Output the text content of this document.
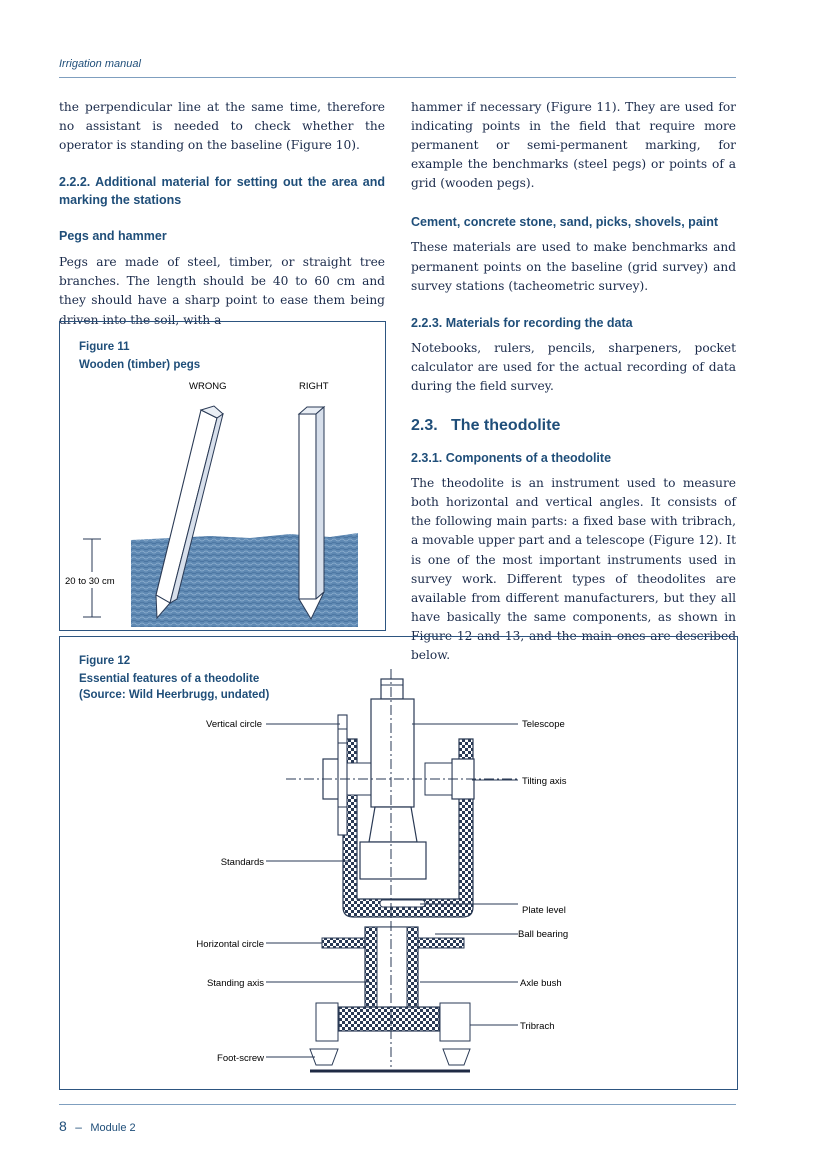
Irrigation manual

the perpendicular line at the same time, therefore no assistant is needed to check whether the operator is standing on the baseline (Figure 10).

2.2.2. Additional material for setting out the area and marking the stations
Pegs and hammer

Pegs are made of steel, timber, or straight tree branches. The length should be 40 to 60 cm and they should have a sharp point to ease them being driven into the soil, with a

hammer if necessary (Figure 11). They are used for indicating points in the field that require more permanent or semi-permanent marking, for example the benchmarks (steel pegs) or points of a grid (wooden pegs).

Cement, concrete stone, sand, picks, shovels, paint

These materials are used to make benchmarks and permanent points on the baseline (grid survey) and survey stations (tacheometric survey).

2.2.3. Materials for recording the data

Notebooks, rulers, pencils, sharpeners, pocket calculator are used for the actual recording of data during the field survey.

2.3.   The theodolite
2.3.1. Components of a theodolite

The theodolite is an instrument used to measure both horizontal and vertical angles. It consists of the following main parts: a fixed base with tribrach, a movable upper part and a telescope (Figure 12). It is one of the most important instruments used in survey work. Different types of theodolites are available from different manufacturers, but they all have basically the same components, as shown in Figure 12 and 13, and the main ones are described below.

Figure 11
Wooden (timber) pegs
WRONG	RIGHT
20 to 30 cm
Figure 12
Essential features of a theodolite
(Source: Wild Heerbrugg, undated)
Vertical circle	Telescope
Tilting axis
Standards
Plate level
Ball bearing
Horizontal circle
Standing axis	Axle bush
Tribrach
Foot-screw
8 – Module 2
